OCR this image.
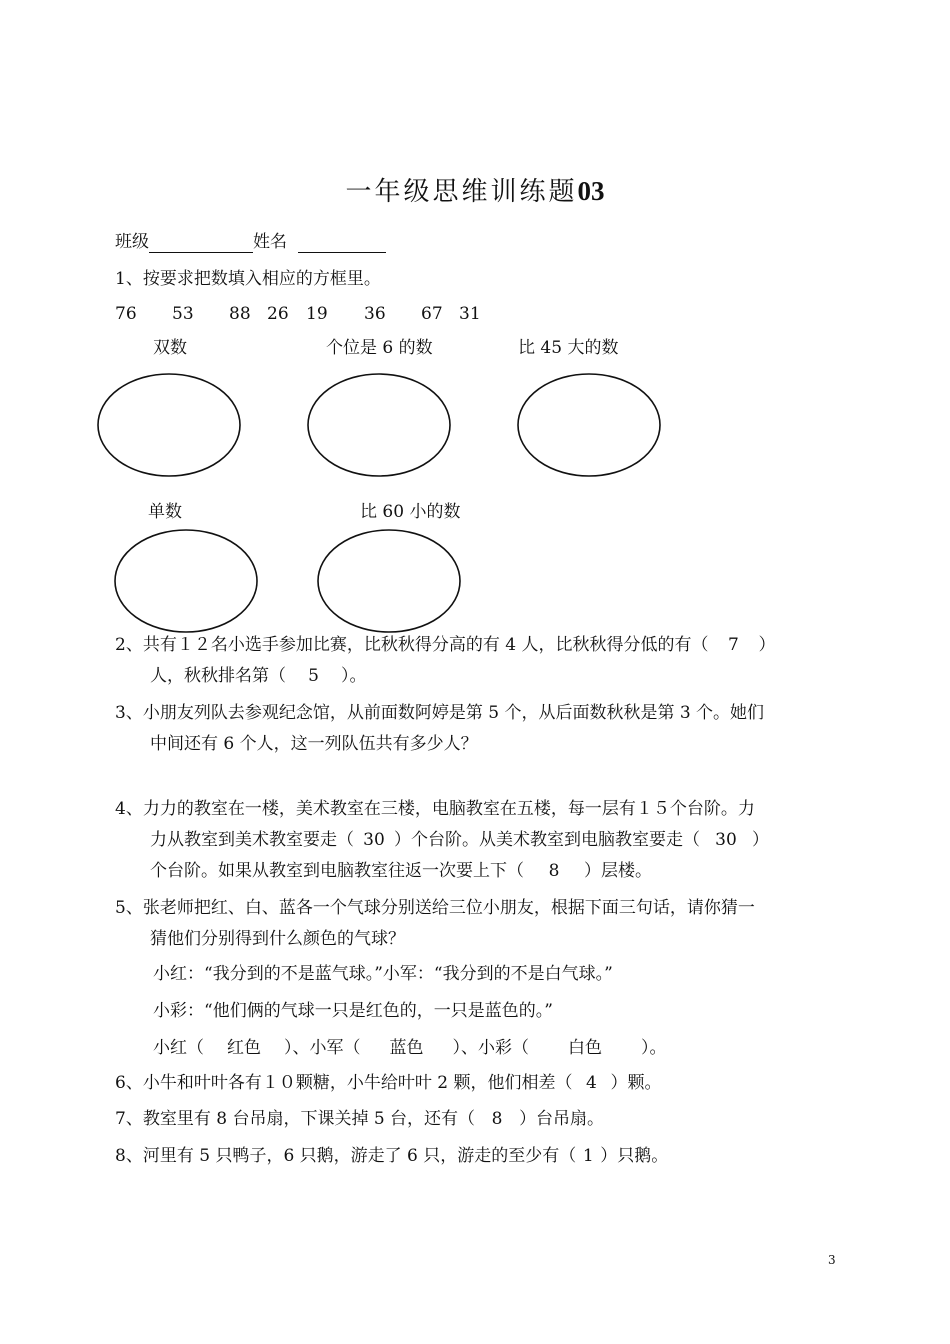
一年级思维训练题03
班级	姓名
1、按要求把数填入相应的方框里。
76 53 88 26 19 36 67 31
双数	个位是 6 的数	比 45 大的数
单数	比 60 小的数
2、共有１２名小选手参加比赛，比秋秋得分高的有 4 人，比秋秋得分低的有（ 7 ）
人，秋秋排名第（ 5 ）。
3、小朋友列队去参观纪念馆，从前面数阿婷是第 5 个，从后面数秋秋是第 3 个。她们
中间还有 6 个人，这一列队伍共有多少人？
4、力力的教室在一楼，美术教室在三楼，电脑教室在五楼，每一层有１５个台阶。力
力从教室到美术教室要走（ 30 ）个台阶。从美术教室到电脑教室要走（ 30 ）
个台阶。如果从教室到电脑教室往返一次要上下（ 8 ）层楼。
5、张老师把红、白、蓝各一个气球分别送给三位小朋友，根据下面三句话，请你猜一
猜他们分别得到什么颜色的气球？
小红：“我分到的不是蓝气球。”小军：“我分到的不是白气球。”
小彩：“他们俩的气球一只是红色的，一只是蓝色的。”
小红（ 红色 ）、小军（ 蓝色 ）、小彩（ 白色 ）。
6、小牛和叶叶各有１０颗糖，小牛给叶叶 2 颗，他们相差（ 4 ）颗。
7、教室里有 8 台吊扇，下课关掉 5 台，还有（ 8 ）台吊扇。
8、河里有 5 只鸭子，6 只鹅，游走了 6 只，游走的至少有（ 1 ）只鹅。
3
